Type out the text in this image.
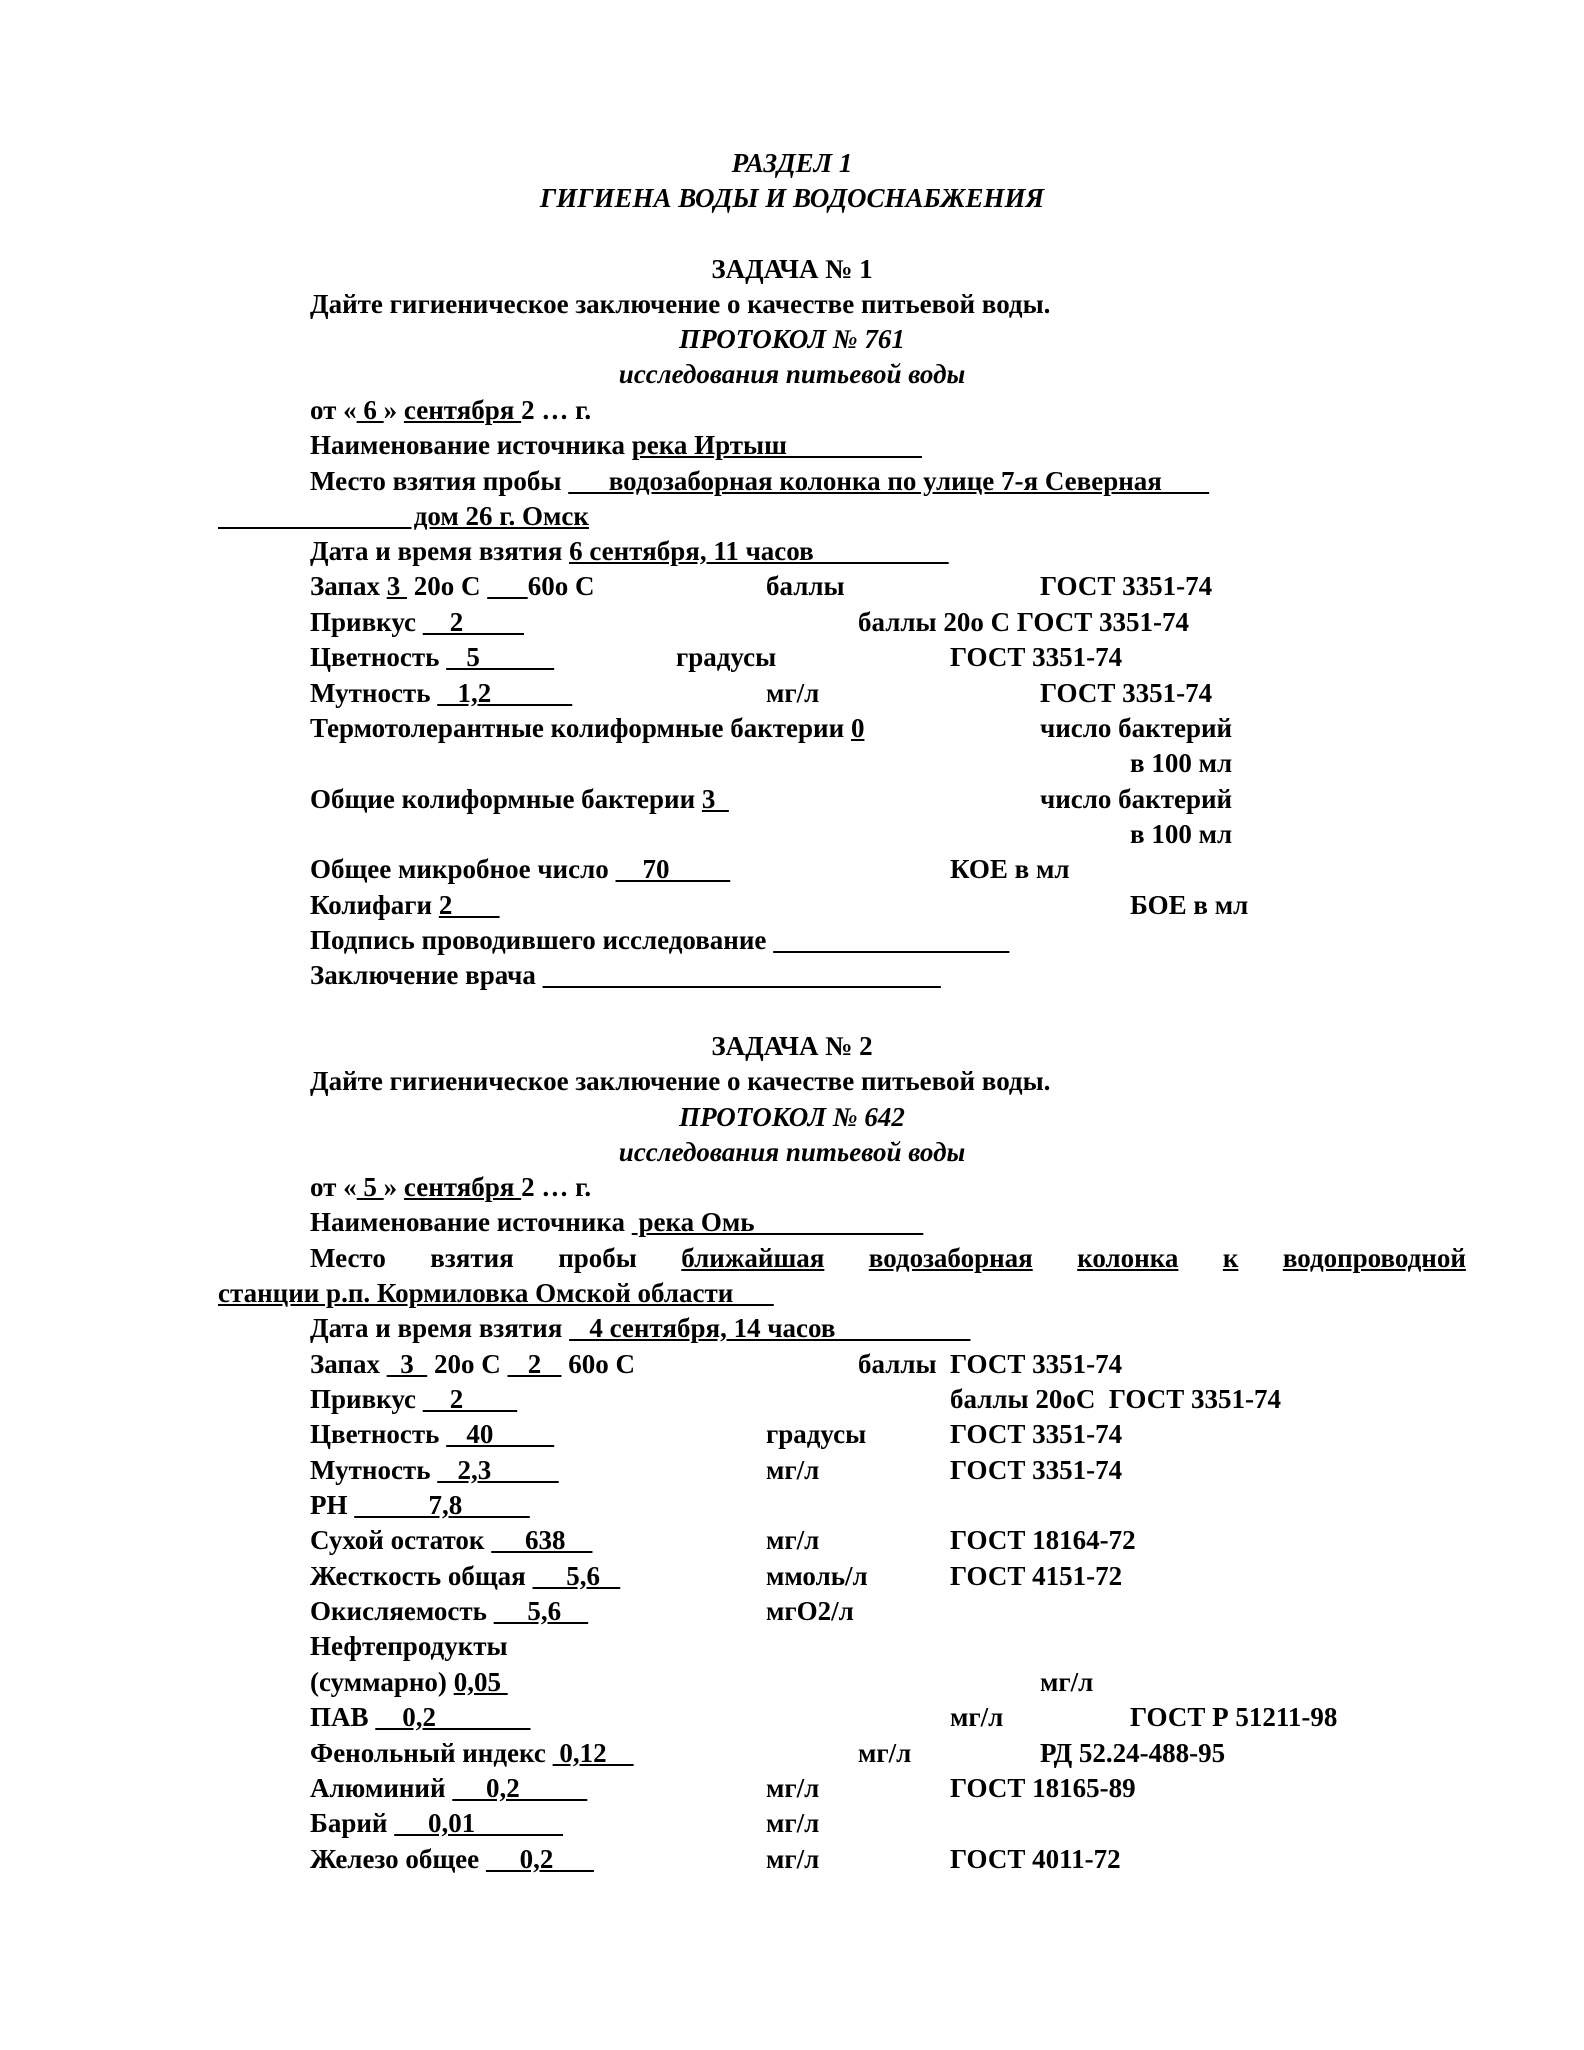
РАЗДЕЛ 1
ГИГИЕНА ВОДЫ И ВОДОСНАБЖЕНИЯ
ЗАДАЧА № 1
Дайте гигиеническое заключение о качестве питьевой воды.
ПРОТОКОЛ № 761
исследования питьевой воды
от « 6 » сентября 2 … г.
Наименование источника река Иртыш
Место взятия пробы       водозаборная колонка по улице 7-я Северная
дом 26 г. Омск
Дата и время взятия 6 сентября, 11 часов
Запах 3  20о С       60о С	баллы	ГОСТ 3351-74
Привкус     2	баллы 20о С ГОСТ 3351-74
Цветность    5	градусы	ГОСТ 3351-74
Мутность    1,2	мг/л	ГОСТ 3351-74
Термотолерантные колиформные бактерии 0	число бактерий
в 100 мл
Общие колиформные бактерии 3	число бактерий
в 100 мл
Общее микробное число     70	КОЕ в мл
Колифаги 2	БОЕ в мл
Подпись проводившего исследование
Заключение врача
ЗАДАЧА № 2
Дайте гигиеническое заключение о качестве питьевой воды.
ПРОТОКОЛ № 642
исследования питьевой воды
от « 5 » сентября 2 … г.
Наименование источника  река Омь
Место взятия пробы ближайшая водозаборная колонка к водопроводной
станции р.п. Кормиловка Омской области
Дата и время взятия    4 сентября, 14 часов
Запах   3   20о С    2    60о С	баллы ГОСТ 3351-74
Привкус     2	баллы 20оС  ГОСТ 3351-74
Цветность    40	градусы	ГОСТ 3351-74
Мутность    2,3	мг/л	ГОСТ 3351-74
РН            7,8
Сухой остаток      638	мг/л	ГОСТ 18164-72
Жесткость общая      5,6	ммоль/л	ГОСТ 4151-72
Окисляемость      5,6	мгО2/л
Нефтепродукты
(суммарно) 0,05	мг/л
ПАВ     0,2	мг/л	ГОСТ Р 51211-98
Фенольный индекс  0,12	мг/л	РД 52.24-488-95
Алюминий      0,2	мг/л	ГОСТ 18165-89
Барий      0,01	мг/л
Железо общее      0,2	мг/л	ГОСТ 4011-72
